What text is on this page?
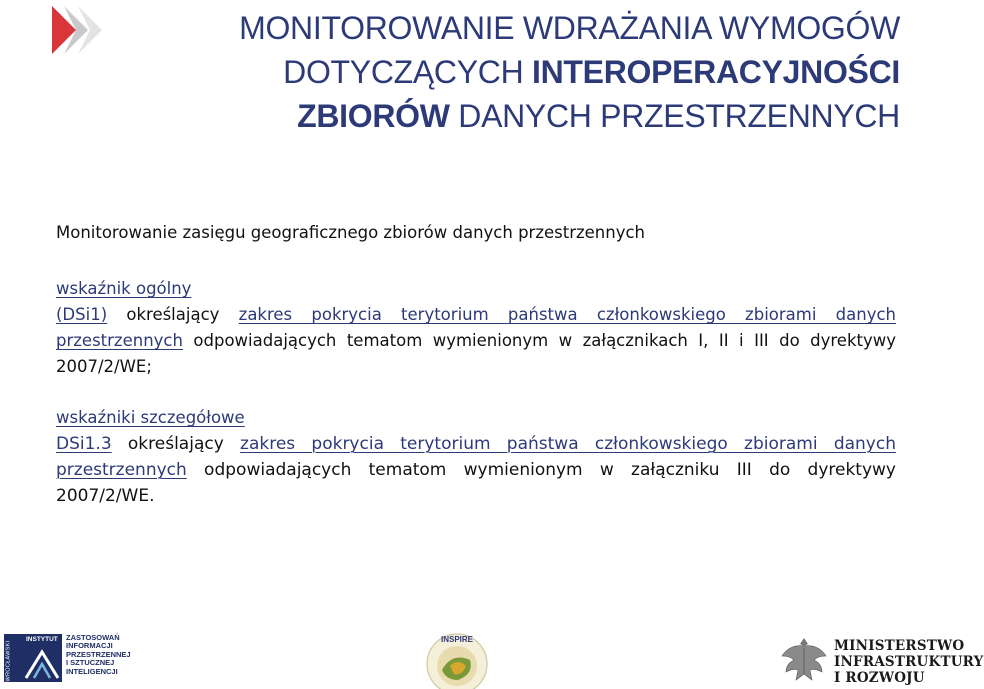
MONITOROWANIE WDRAŻANIA WYMOGÓW
DOTYCZĄCYCH INTEROPERACYJNOŚCI
ZBIORÓW DANYCH PRZESTRZENNYCH
Monitorowanie zasięgu geograficznego zbiorów danych przestrzennych
wskaźnik ogólny
(DSi1) określający zakres pokrycia terytorium państwa członkowskiego zbiorami danych przestrzennych odpowiadających tematom wymienionym w załącznikach I, II i III do dyrektywy 2007/2/WE;
wskaźniki szczegółowe
DSi1.3 określający zakres pokrycia terytorium państwa członkowskiego zbiorami danych przestrzennych odpowiadających tematom wymienionym w załączniku III do dyrektywy 2007/2/WE.
INSTYTUT
WROCŁAWSKI
ZASTOSOWAŃ
INFORMACJI
PRZESTRZENNEJ
I SZTUCZNEJ
INTELIGENCJI
INSPIRE	MINISTERSTWO
INFRASTRUKTURY
I ROZWOJU
